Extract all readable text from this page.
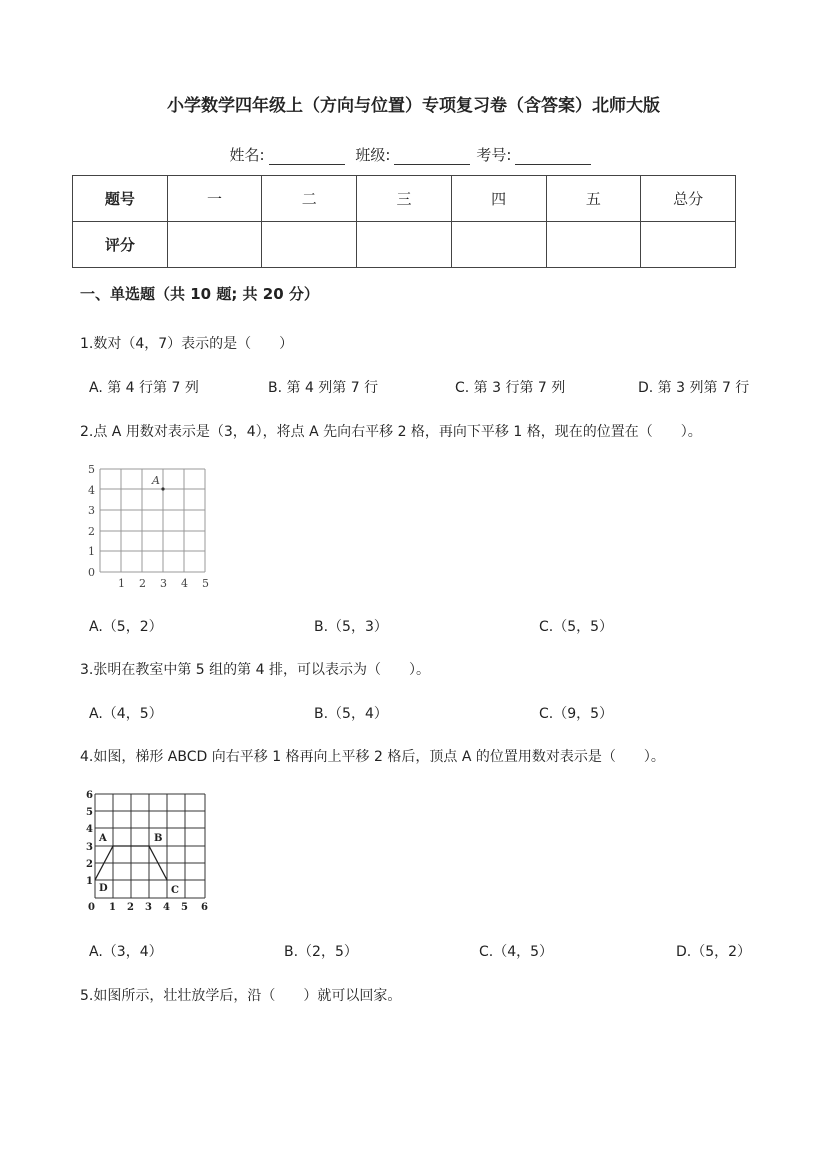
小学数学四年级上（方向与位置）专项复习卷（含答案）北师大版
姓名:	班级:	考号:
题号	一	二	三	四	五	总分
评分						
一、单选题（共 10 题; 共 20 分）
1.数对（4，7）表示的是（　　）
A. 第 4 行第 7 列	B. 第 4 列第 7 行	C. 第 3 行第 7 列	D. 第 3 列第 7 行
2.点 A 用数对表示是（3，4），将点 A 先向右平移 2 格，再向下平移 1 格，现在的位置在（　　）。
5
4
3
2
1
0
1 2 3 4 5
A
A.（5，2）	B.（5，3）	C.（5，5）
3.张明在教室中第 5 组的第 4 排，可以表示为（　　）。
A.（4，5）	B.（5，4）	C.（9，5）
4.如图，梯形 ABCD 向右平移 1 格再向上平移 2 格后，顶点 A 的位置用数对表示是（　　）。
6
5
4
3
2
1
0 1 2 3 4 5 6
A	B
C
D
A.（3，4）	B.（2，5）	C.（4，5）	D.（5，2）
5.如图所示，壮壮放学后，沿（　　）就可以回家。
